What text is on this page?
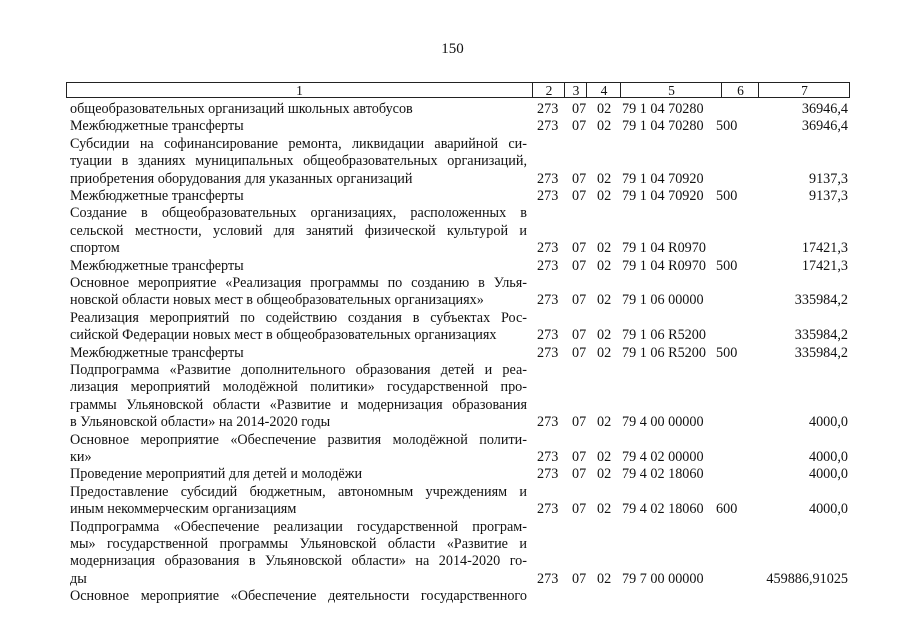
150
1	2	3	4	5	6	7
общеобразовательных организаций школьных автобусов	273 07 02 79 1 04 70280	36946,4
Межбюджетные трансферты	273 07 02 79 1 04 70280 500	36946,4
Субсидии на софинансирование ремонта, ликвидации аварийной си-
туации в зданиях муниципальных общеобразовательных организаций,
приобретения оборудования для указанных организаций	273 07 02 79 1 04 70920	9137,3
Межбюджетные трансферты	273 07 02 79 1 04 70920 500	9137,3
Создание в общеобразовательных организациях, расположенных в
сельской местности, условий для занятий физической культурой и
спортом	273 07 02 79 1 04 R0970	17421,3
Межбюджетные трансферты	273 07 02 79 1 04 R0970 500	17421,3
Основное мероприятие «Реализация программы по созданию в Улья-
новской области новых мест в общеобразовательных организациях»	273 07 02 79 1 06 00000	335984,2
Реализация мероприятий по содействию создания в субъектах Рос-
сийской Федерации новых мест в общеобразовательных организациях	273 07 02 79 1 06 R5200	335984,2
Межбюджетные трансферты	273 07 02 79 1 06 R5200 500	335984,2
Подпрограмма «Развитие дополнительного образования детей и реа-
лизация мероприятий молодёжной политики» государственной про-
граммы Ульяновской области «Развитие и модернизация образования
в Ульяновской области» на 2014-2020 годы	273 07 02 79 4 00 00000	4000,0
Основное мероприятие «Обеспечение развития молодёжной полити-
ки»	273 07 02 79 4 02 00000	4000,0
Проведение мероприятий для детей и молодёжи	273 07 02 79 4 02 18060	4000,0
Предоставление субсидий бюджетным, автономным учреждениям и
иным некоммерческим организациям	273 07 02 79 4 02 18060 600	4000,0
Подпрограмма «Обеспечение реализации государственной програм-
мы» государственной программы Ульяновской области «Развитие и
модернизация образования в Ульяновской области» на 2014-2020 го-
ды	273 07 02 79 7 00 00000	459886,91025
Основное мероприятие «Обеспечение деятельности государственного
